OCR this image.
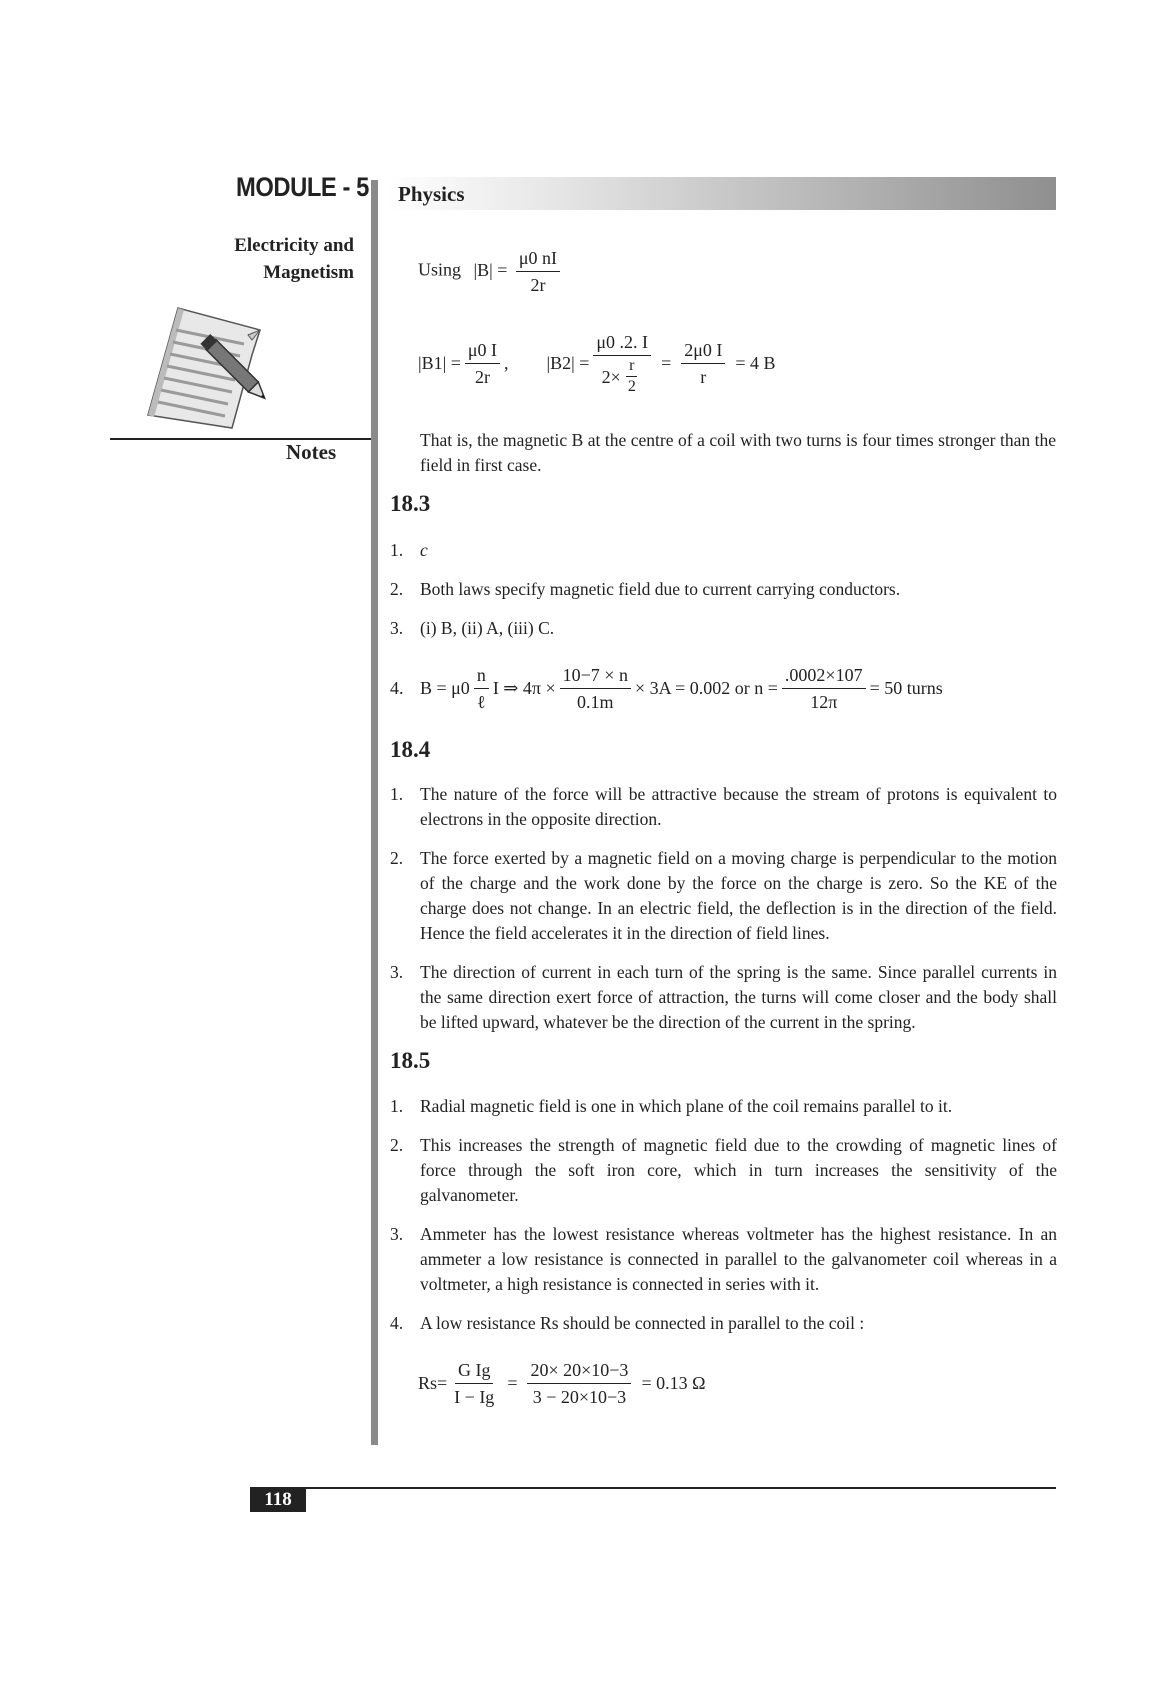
MODULE - 5
Electricity and
Magnetism
Notes
Physics
Using $|B| = \frac{\mu 0 nI}{2r}$
$|B1| = \frac{\mu 0 I}{2r}$ , $|B2| = \frac{\mu 0 .2. I}{2\times \frac{r}{2}} = \frac{2\mu 0 I}{r} = 4$ B
That is, the magnetic B at the centre of a coil with two turns is four times stronger than the field in first case.
18.3
1. c
2. Both laws specify magnetic field due to current carrying conductors.
3. (i) B, (ii) A, (iii) C.
4. $B = \mu 0 \frac{n}{\text{ℓ}}$ I ⇒ $4\pi \times \frac{10-7 \times n}{0.1m} \times 3A = 0.002$ or $n = \frac{.0002\times 107}{12\pi} = 50$ turns
18.4
1. The nature of the force will be attractive because the stream of protons is equivalent to electrons in the opposite direction.
2. The force exerted by a magnetic field on a moving charge is perpendicular to the motion of the charge and the work done by the force on the charge is zero. So the KE of the charge does not change. In an electric field, the deflection is in the direction of the field. Hence the field accelerates it in the direction of field lines.
3. The direction of current in each turn of the spring is the same. Since parallel currents in the same direction exert force of attraction, the turns will come closer and the body shall be lifted upward, whatever be the direction of the current in the spring.
18.5
1. Radial magnetic field is one in which plane of the coil remains parallel to it.
2. This increases the strength of magnetic field due to the crowding of magnetic lines of force through the soft iron core, which in turn increases the sensitivity of the galvanometer.
3. Ammeter has the lowest resistance whereas voltmeter has the highest resistance. In an ammeter a low resistance is connected in parallel to the galvanometer coil whereas in a voltmeter, a high resistance is connected in series with it.
4. A low resistance Rs should be connected in parallel to the coil :
$Rs= \frac{\text{G Ig}}{I - Ig} = \frac{20\times 20\times 10-3}{3 - 20\times 10-3} = 0.13$ Ω
118
